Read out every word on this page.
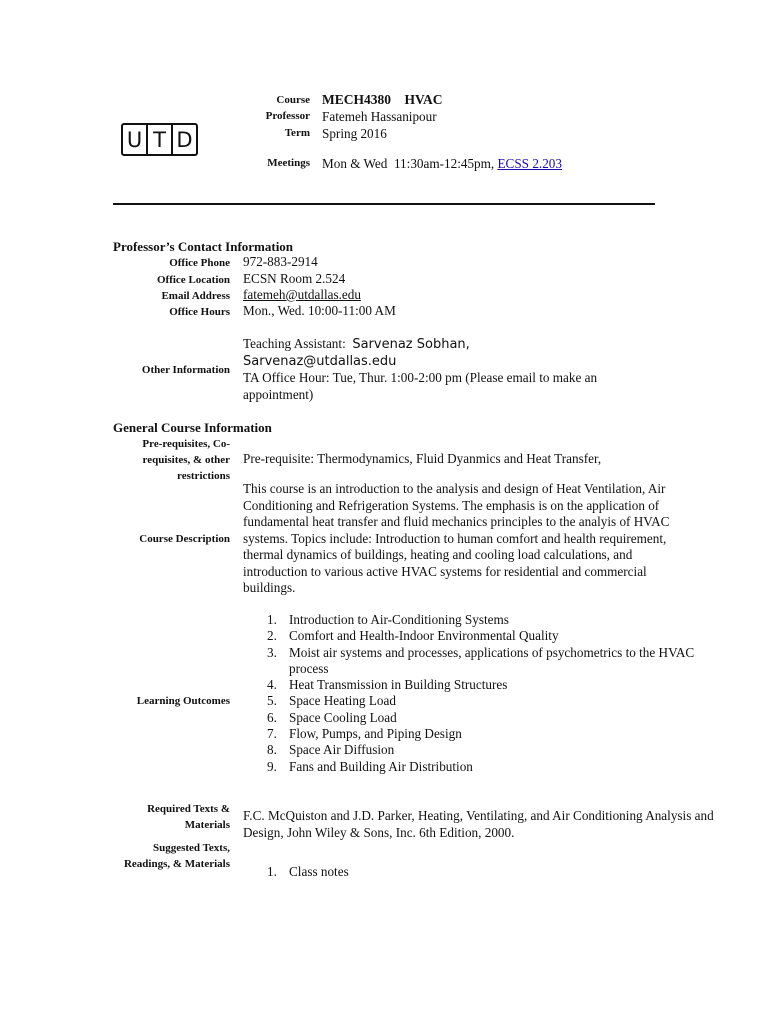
U T D
Course
Professor
Term
Meetings
MECH4380 HVAC
Fatemeh Hassanipour
Spring 2016
Mon & Wed  11:30am-12:45pm, ECSS 2.203
Professor’s Contact Information
Office Phone 972-883-2914
Office Location ECSN Room 2.524
Email Address fatemeh@utdallas.edu
Office Hours Mon., Wed. 10:00-11:00 AM
Other Information
Teaching Assistant:  Sarvenaz Sobhan,
Sarvenaz@utdallas.edu
TA Office Hour: Tue, Thur. 1:00-2:00 pm (Please email to make an appointment)
General Course Information
Pre-requisites, Co-requisites, & other restrictions
Pre-requisite: Thermodynamics, Fluid Dyanmics and Heat Transfer,
Course Description
This course is an introduction to the analysis and design of Heat Ventilation, Air Conditioning and Refrigeration Systems. The emphasis is on the application of fundamental heat transfer and fluid mechanics principles to the analyis of HVAC systems. Topics include: Introduction to human comfort and health requirement, thermal dynamics of buildings, heating and cooling load calculations, and introduction to various active HVAC systems for residential and commercial buildings.
Learning Outcomes
1. Introduction to Air-Conditioning Systems
2. Comfort and Health-Indoor Environmental Quality
3. Moist air systems and processes, applications of psychometrics to the HVAC process
4. Heat Transmission in Building Structures
5. Space Heating Load
6. Space Cooling Load
7. Flow, Pumps, and Piping Design
8. Space Air Diffusion
9. Fans and Building Air Distribution
Required Texts & Materials
F.C. McQuiston and J.D. Parker, Heating, Ventilating, and Air Conditioning Analysis and Design, John Wiley & Sons, Inc. 6th Edition, 2000.
Suggested Texts, Readings, & Materials	1. Class notes
